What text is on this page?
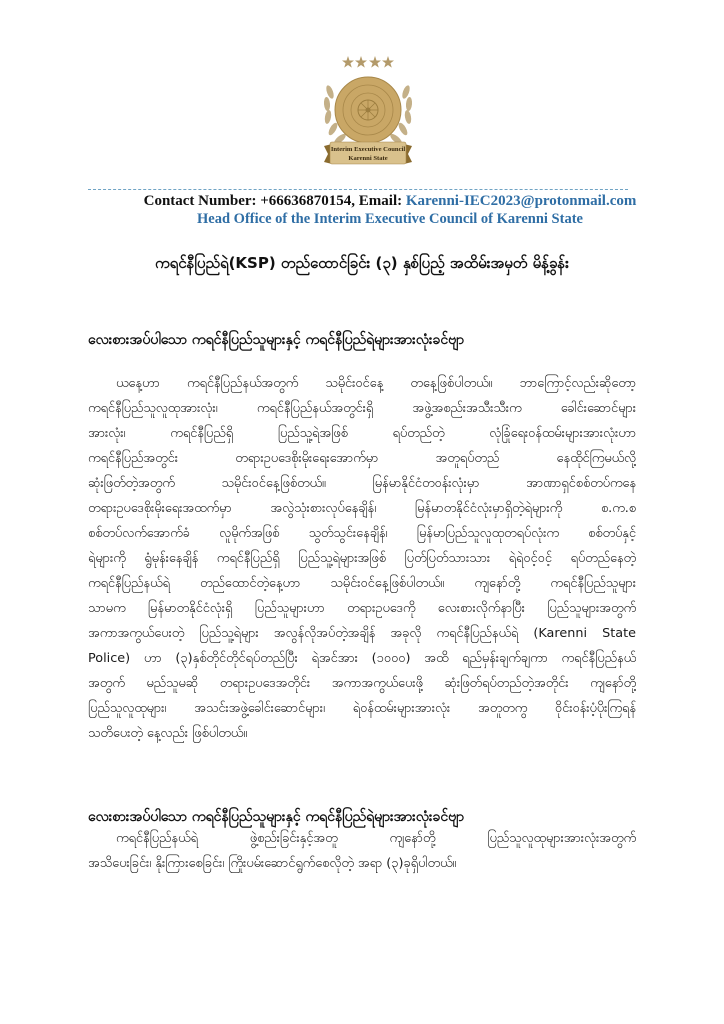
Interim Executive Council
Karenni State
Contact Number: +66636870154, Email: Karenni-IEC2023@protonmail.com
Head Office of the Interim Executive Council of Karenni State
ကရင်နီပြည်ရဲ(KSP) တည်ထောင်ခြင်း (၃) နှစ်ပြည့် အထိမ်းအမှတ် မိန့်ခွန်း
လေးစားအပ်ပါသော ကရင်နီပြည်သူများနှင့် ကရင်နီပြည်ရဲများအားလုံးခင်ဗျာ
ယနေ့ဟာ ကရင်နီပြည်နယ်အတွက် သမိုင်းဝင်နေ့ တနေ့ဖြစ်ပါတယ်။ ဘာကြောင့်လည်းဆိုတော့
ကရင်နီပြည်သူလူထုအားလုံး၊ ကရင်နီပြည်နယ်အတွင်းရှိ အဖွဲ့အစည်းအသီးသီးက ခေါင်းဆောင်များ
အားလုံး၊ ကရင်နီပြည်ရှိ ပြည်သူ့ရဲအဖြစ် ရပ်တည်တဲ့ လုံခြုံရေးဝန်ထမ်းများအားလုံးဟာ
ကရင်နီပြည်အတွင်း တရားဥပဒေစိုးမိုးရေးအောက်မှာ အတူရပ်တည် နေထိုင်ကြမယ်လို့
ဆုံးဖြတ်တဲ့အတွက် သမိုင်းဝင်နေ့ဖြစ်တယ်။ မြန်မာနိုင်ငံတဝန်းလုံးမှာ အာဏာရှင်စစ်တပ်ကနေ
တရားဥပဒေစိုးမိုးရေးအထက်မှာ အလွဲသုံးစားလုပ်နေချိန်၊ မြန်မာတနိုင်ငံလုံးမှာရှိတဲ့ရဲများကို စ.က.စ
စစ်တပ်လက်အောက်ခံ လူမိုက်အဖြစ် သွတ်သွင်းနေချိန်၊ မြန်မာပြည်သူလူထုတရပ်လုံးက စစ်တပ်နှင့်
ရဲများကို ရွံမုန်းနေချိန် ကရင်နီပြည်ရှိ ပြည်သူ့ရဲများအဖြစ် ပြတ်ပြတ်သားသား ရဲရဲဝင့်ဝင့် ရပ်တည်နေတဲ့
ကရင်နီပြည်နယ်ရဲ တည်ထောင်တဲ့နေ့ဟာ သမိုင်းဝင်နေ့ဖြစ်ပါတယ်။ ကျနော်တို့ ကရင်နီပြည်သူများ
သာမက မြန်မာတနိုင်ငံလုံးရှိ ပြည်သူများဟာ တရားဥပဒေကို လေးစားလိုက်နာပြီး ပြည်သူများအတွက်
အကာအကွယ်ပေးတဲ့ ပြည်သူ့ရဲများ အလွန်လိုအပ်တဲ့အချိန် အခုလို ကရင်နီပြည်နယ်ရဲ (Karenni State
Police) ဟာ (၃)နှစ်တိုင်တိုင်ရပ်တည်ပြီး ရဲအင်အား (၁၀၀၀) အထိ ရည်မှန်းချက်ချကာ ကရင်နီပြည်နယ်
အတွက် မည်သူမဆို တရားဥပဒေအတိုင်း အကာအကွယ်ပေးဖို့ ဆုံးဖြတ်ရပ်တည်တဲ့အတိုင်း ကျနော်တို့
ပြည်သူလူထုများ၊ အသင်းအဖွဲ့ခေါင်းဆောင်များ၊ ရဲဝန်ထမ်းများအားလုံး အတူတကွ ဝိုင်းဝန်းပံ့ပိုးကြရန်
သတိပေးတဲ့ နေ့လည်း ဖြစ်ပါတယ်။
လေးစားအပ်ပါသော ကရင်နီပြည်သူများနှင့် ကရင်နီပြည်ရဲများအားလုံးခင်ဗျာ
ကရင်နီပြည်နယ်ရဲ ဖွဲ့စည်းခြင်းနှင့်အတူ ကျနော်တို့ ပြည်သူလူထုများအားလုံးအတွက်
အသိပေးခြင်း၊ နိုးကြားစေခြင်း၊ ကြိုးပမ်းဆောင်ရွက်စေလိုတဲ့ အရာ (၃)ခုရှိပါတယ်။
